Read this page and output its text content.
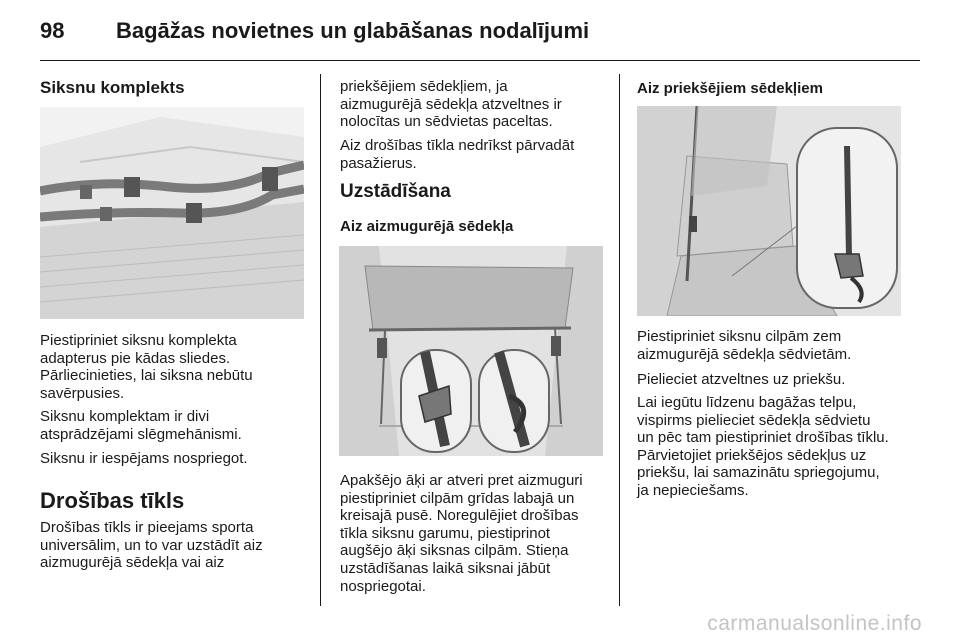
98 Bagāžas novietnes un glabāšanas nodalījumi
Siksnu komplekts
Piestipriniet siksnu komplekta
adapterus pie kādas sliedes.
Pārliecinieties, lai siksna nebūtu
savērpusies.
Siksnu komplektam ir divi
atsprādzējami slēgmehānismi.
Siksnu ir iespējams nospriegot.
Drošības tīkls
Drošības tīkls ir pieejams sporta
universālim, un to var uzstādīt aiz
aizmugurējā sēdekļa vai aiz
priekšējiem sēdekļiem, ja
aizmugurējā sēdekļa atzveltnes ir
nolocītas un sēdvietas paceltas.
Aiz drošības tīkla nedrīkst pārvadāt
pasažierus.
Uzstādīšana
Aiz aizmugurējā sēdekļa
Apakšējo āķi ar atveri pret aizmuguri
piestipriniet cilpām grīdas labajā un
kreisajā pusē. Noregulējiet drošības
tīkla siksnu garumu, piestiprinot
augšējo āķi siksnas cilpām. Stieņa
uzstādīšanas laikā siksnai jābūt
nospriegotai.
Aiz priekšējiem sēdekļiem
Piestipriniet siksnu cilpām zem
aizmugurējā sēdekļa sēdvietām.
Pielieciet atzveltnes uz priekšu.
Lai iegūtu līdzenu bagāžas telpu,
vispirms pielieciet sēdekļa sēdvietu
un pēc tam piestipriniet drošības tīklu.
Pārvietojiet priekšējos sēdekļus uz
priekšu, lai samazinātu spriegojumu,
ja nepieciešams.
carmanualsonline.info
